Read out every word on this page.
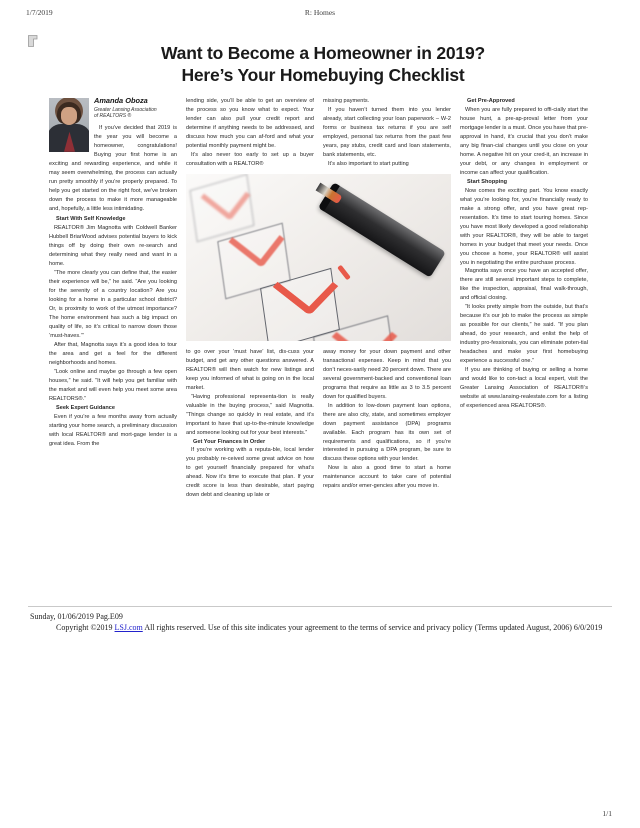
1/7/2019	R: Homes
Want to Become a Homeowner in 2019?
Here’s Your Homebuying Checklist
Amanda Oboza
Greater Lansing Association
of REALTORS ®

If you’ve decided that 2019 is the year you will become a homeowner, congratulations! Buying your first home is an exciting and rewarding experience, and while it may seem overwhelming, the process can actually run pretty smoothly if you’re properly prepared. To help you get started on the right foot, we’ve broken down the process to make it more manageable and, hopefully, a little less intimidating.

Start With Self Knowledge

REALTOR® Jim Magnotta with Coldwell Banker Hubbell BriarWood advises potential buyers to kick things off by doing their own re-search and determining what they really need and want in a home.

“The more clearly you can define that, the easier their experience will be,” he said. “Are you looking for the serenity of a country location? Are you looking for a home in a particular school district? Or, is proximity to work of the utmost importance? The home environment has such a big impact on quality of life, so it’s critical to narrow down those ‘must-haves.’”

After that, Magnotta says it’s a good idea to tour the area and get a feel for the different neighborhoods and homes.

“Look online and maybe go through a few open houses,” he said. “It will help you get familiar with the market and will even help you meet some area REALTORS®.”

Seek Expert Guidance

Even if you’re a few months away from actually starting your home search, a preliminary discussion with local REALTOR® and mort-gage lender is a great idea. From the

lending side, you’ll be able to get an overview of the process so you know what to expect. Your lender can also pull your credit report and determine if anything needs to be addressed, and discuss how much you can af-ford and what your potential monthly payment might be.

It’s also never too early to set up a buyer consultation with a REALTOR®

to go over your ‘must have’ list, dis-cuss your budget, and get any other questions answered. A REALTOR® will then watch for new listings and keep you informed of what is going on in the local market.

“Having professional representa-tion is really valuable in the buying process,” said Magnotta. “Things change so quickly in real estate, and it’s important to have that up-to-the-minute knowledge and someone looking out for your best interests.”

Get Your Finances in Order

If you’re working with a reputa-ble, local lender you probably re-ceived some great advice on how to get yourself financially prepared for what’s ahead. Now it’s time to execute that plan. If your credit score is less than desirable, start paying down debt and cleaning up late or

missing payments.

If you haven’t turned them into you lender already, start collecting your loan paperwork – W-2 forms or business tax returns if you are self employed, personal tax returns from the past few years, pay stubs, credit card and loan statements, bank statements, etc.

It’s also important to start putting

away money for your down payment and other transactional expenses. Keep in mind that you don’t neces-sarily need 20 percent down. There are several government-backed and conventional loan programs that require as little as 3 to 3.5 percent down for qualified buyers.

In addition to low-down payment loan options, there are also city, state, and sometimes employer down payment assistance (DPA) programs available. Each program has its own set of requirements and qualifications, so if you’re interested in pursuing a DPA program, be sure to discuss these options with your lender.

Now is also a good time to start a home maintenance account to take care of potential repairs and/or emer-gencies after you move in.

Get Pre-Approved

When you are fully prepared to offi-cially start the house hunt, a pre-ap-proval letter from your mortgage lender is a must. Once you have that pre-approval in hand, it’s crucial that you don’t make any big finan-cial changes until you close on your home. A negative hit on your cred-it, an increase in your debt, or any changes in employment or income can affect your qualification.

Start Shopping

Now comes the exciting part. You know exactly what you’re looking for, you’re financially ready to make a strong offer, and you have great rep-resentation. It’s time to start touring homes. Since you have most likely developed a good relationship with your REALTOR®, they will be able to target homes in your budget that meet your needs. Once you choose a home, your REALTOR® will assist you in negotiating the entire purchase process.

Magnotta says once you have an accepted offer, there are still several important steps to complete, like the inspection, appraisal, final walk-through, and official closing.

“It looks pretty simple from the outside, but that’s because it’s our job to make the process as simple as possible for our clients,” he said. “If you plan ahead, do your research, and enlist the help of industry pro-fessionals, you can eliminate poten-tial headaches and make your first homebuying experience a successful one.”

If you are thinking of buying or selling a home and would like to con-tact a local expert, visit the Greater Lansing Association of REALTOR®’s website at www.lansing-realestate.com for a listing of experienced area REALTORS®.

Sunday, 01/06/2019 Pag.E09

Copyright ©2019 LSJ.com All rights reserved. Use of this site indicates your agreement to the terms of service and privacy policy (Terms updated August, 2006) 6/0/2019

1/1
